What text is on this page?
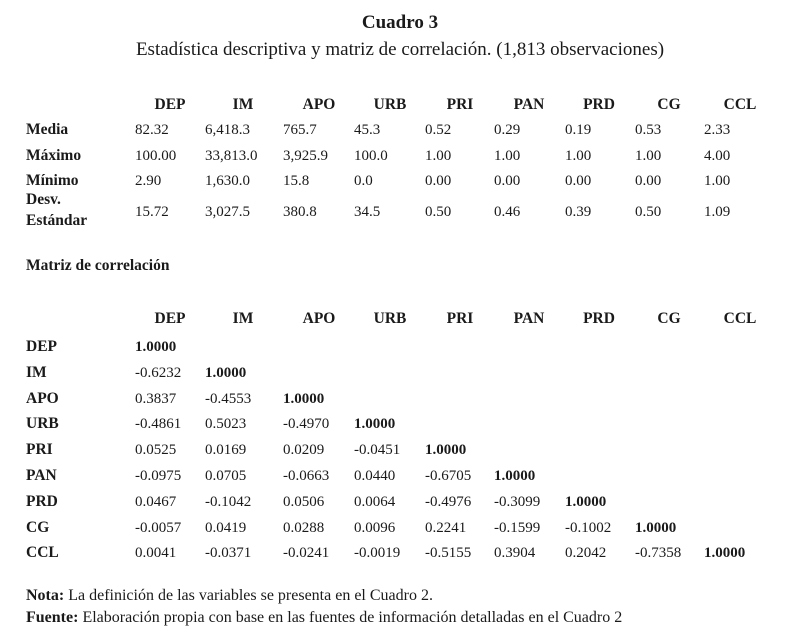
Cuadro 3
Estadística descriptiva y matriz de correlación. (1,813 observaciones)
DEP	IM	APO	URB	PRI	PAN	PRD	CG	CCL
Media	82.32 6,418.3 765.7 45.3	0.52	0.29	0.19	0.53	2.33
Máximo	100.00 33,813.0 3,925.9 100.0 1.00	1.00	1.00	1.00	4.00
Mínimo	2.90	1,630.0 15.8	0.0	0.00	0.00	0.00	0.00	1.00
Desv.
Estándar	15.72 3,027.5 380.8 34.5	0.50	0.46	0.39	0.50	1.09
Matriz de correlación
DEP	IM	APO	URB	PRI	PAN	PRD	CG	CCL
DEP	1.0000
IM	-0.6232 1.0000
APO	0.3837 -0.4553 1.0000
URB	-0.4861 0.5023 -0.4970 1.0000
PRI	0.0525 0.0169 0.0209 -0.0451 1.0000
PAN	-0.0975 0.0705 -0.0663 0.0440 -0.6705 1.0000
PRD	0.0467 -0.1042 0.0506 0.0064 -0.4976 -0.3099 1.0000
CG	-0.0057 0.0419 0.0288 0.0096 0.2241 -0.1599 -0.1002 1.0000
CCL	0.0041 -0.0371 -0.0241 -0.0019 -0.5155 0.3904 0.2042 -0.7358 1.0000
Nota: La definición de las variables se presenta en el Cuadro 2.
Fuente: Elaboración propia con base en las fuentes de información detalladas en el Cuadro 2
